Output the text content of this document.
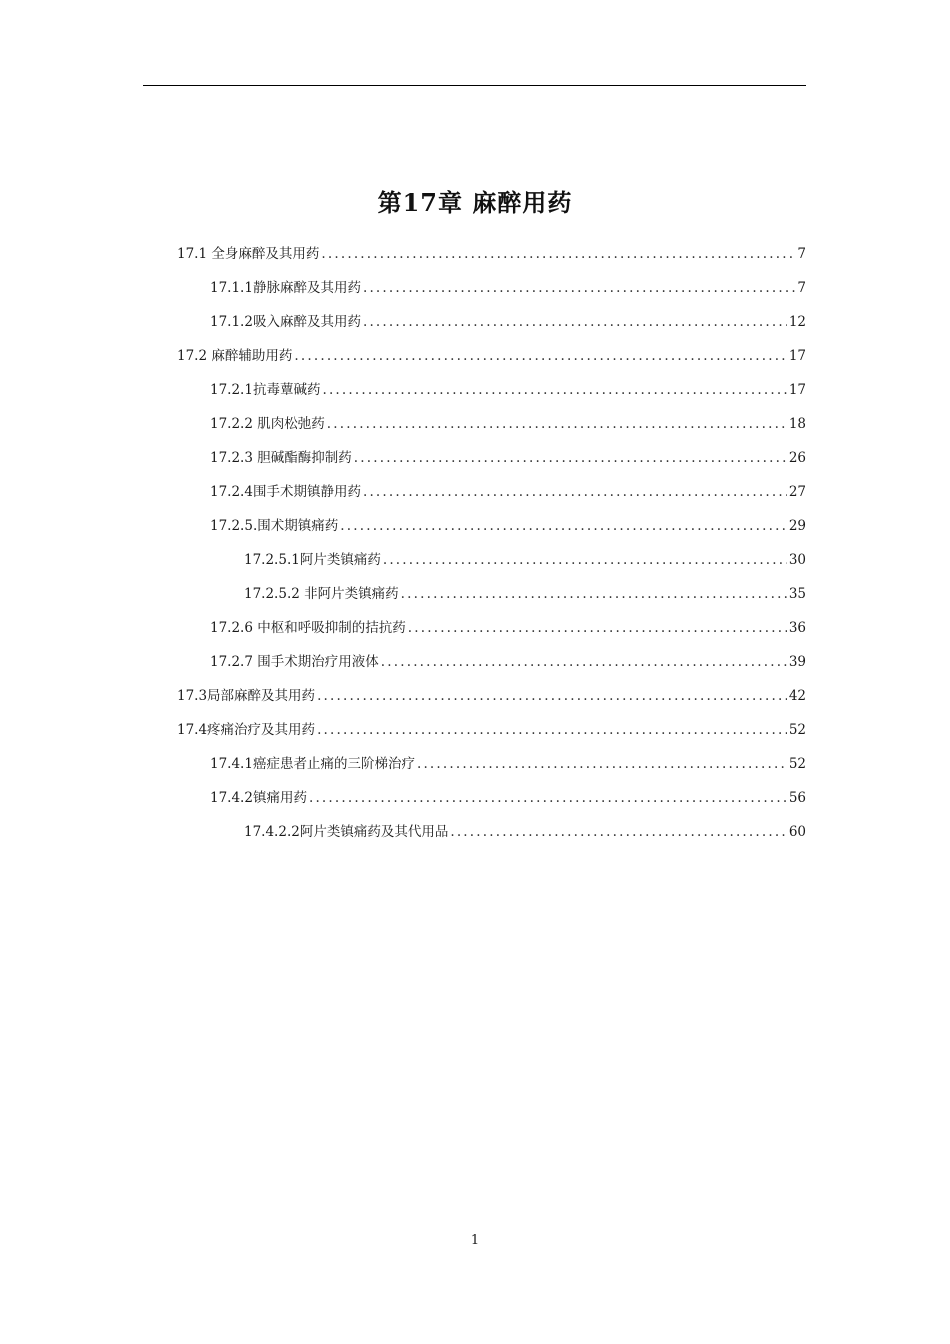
第17章 麻醉用药
17.1 全身麻醉及其用药 .....	7
17.1.1静脉麻醉及其用药 .....	7
17.1.2吸入麻醉及其用药 .....	12
17.2 麻醉辅助用药 .....	17
17.2.1抗毒蕈碱药 .....	17
17.2.2 肌肉松弛药 .....	18
17.2.3 胆碱酯酶抑制药 .....	26
17.2.4围手术期镇静用药 .....	27
17.2.5.围术期镇痛药 .....	29
17.2.5.1阿片类镇痛药 .....	30
17.2.5.2 非阿片类镇痛药 .....	35
17.2.6 中枢和呼吸抑制的拮抗药 .....	36
17.2.7 围手术期治疗用液体 .....	39
17.3局部麻醉及其用药 .....	42
17.4疼痛治疗及其用药 .....	52
17.4.1癌症患者止痛的三阶梯治疗 .....	52
17.4.2镇痛用药 .....	56
17.4.2.2阿片类镇痛药及其代用品 .....	60
1
